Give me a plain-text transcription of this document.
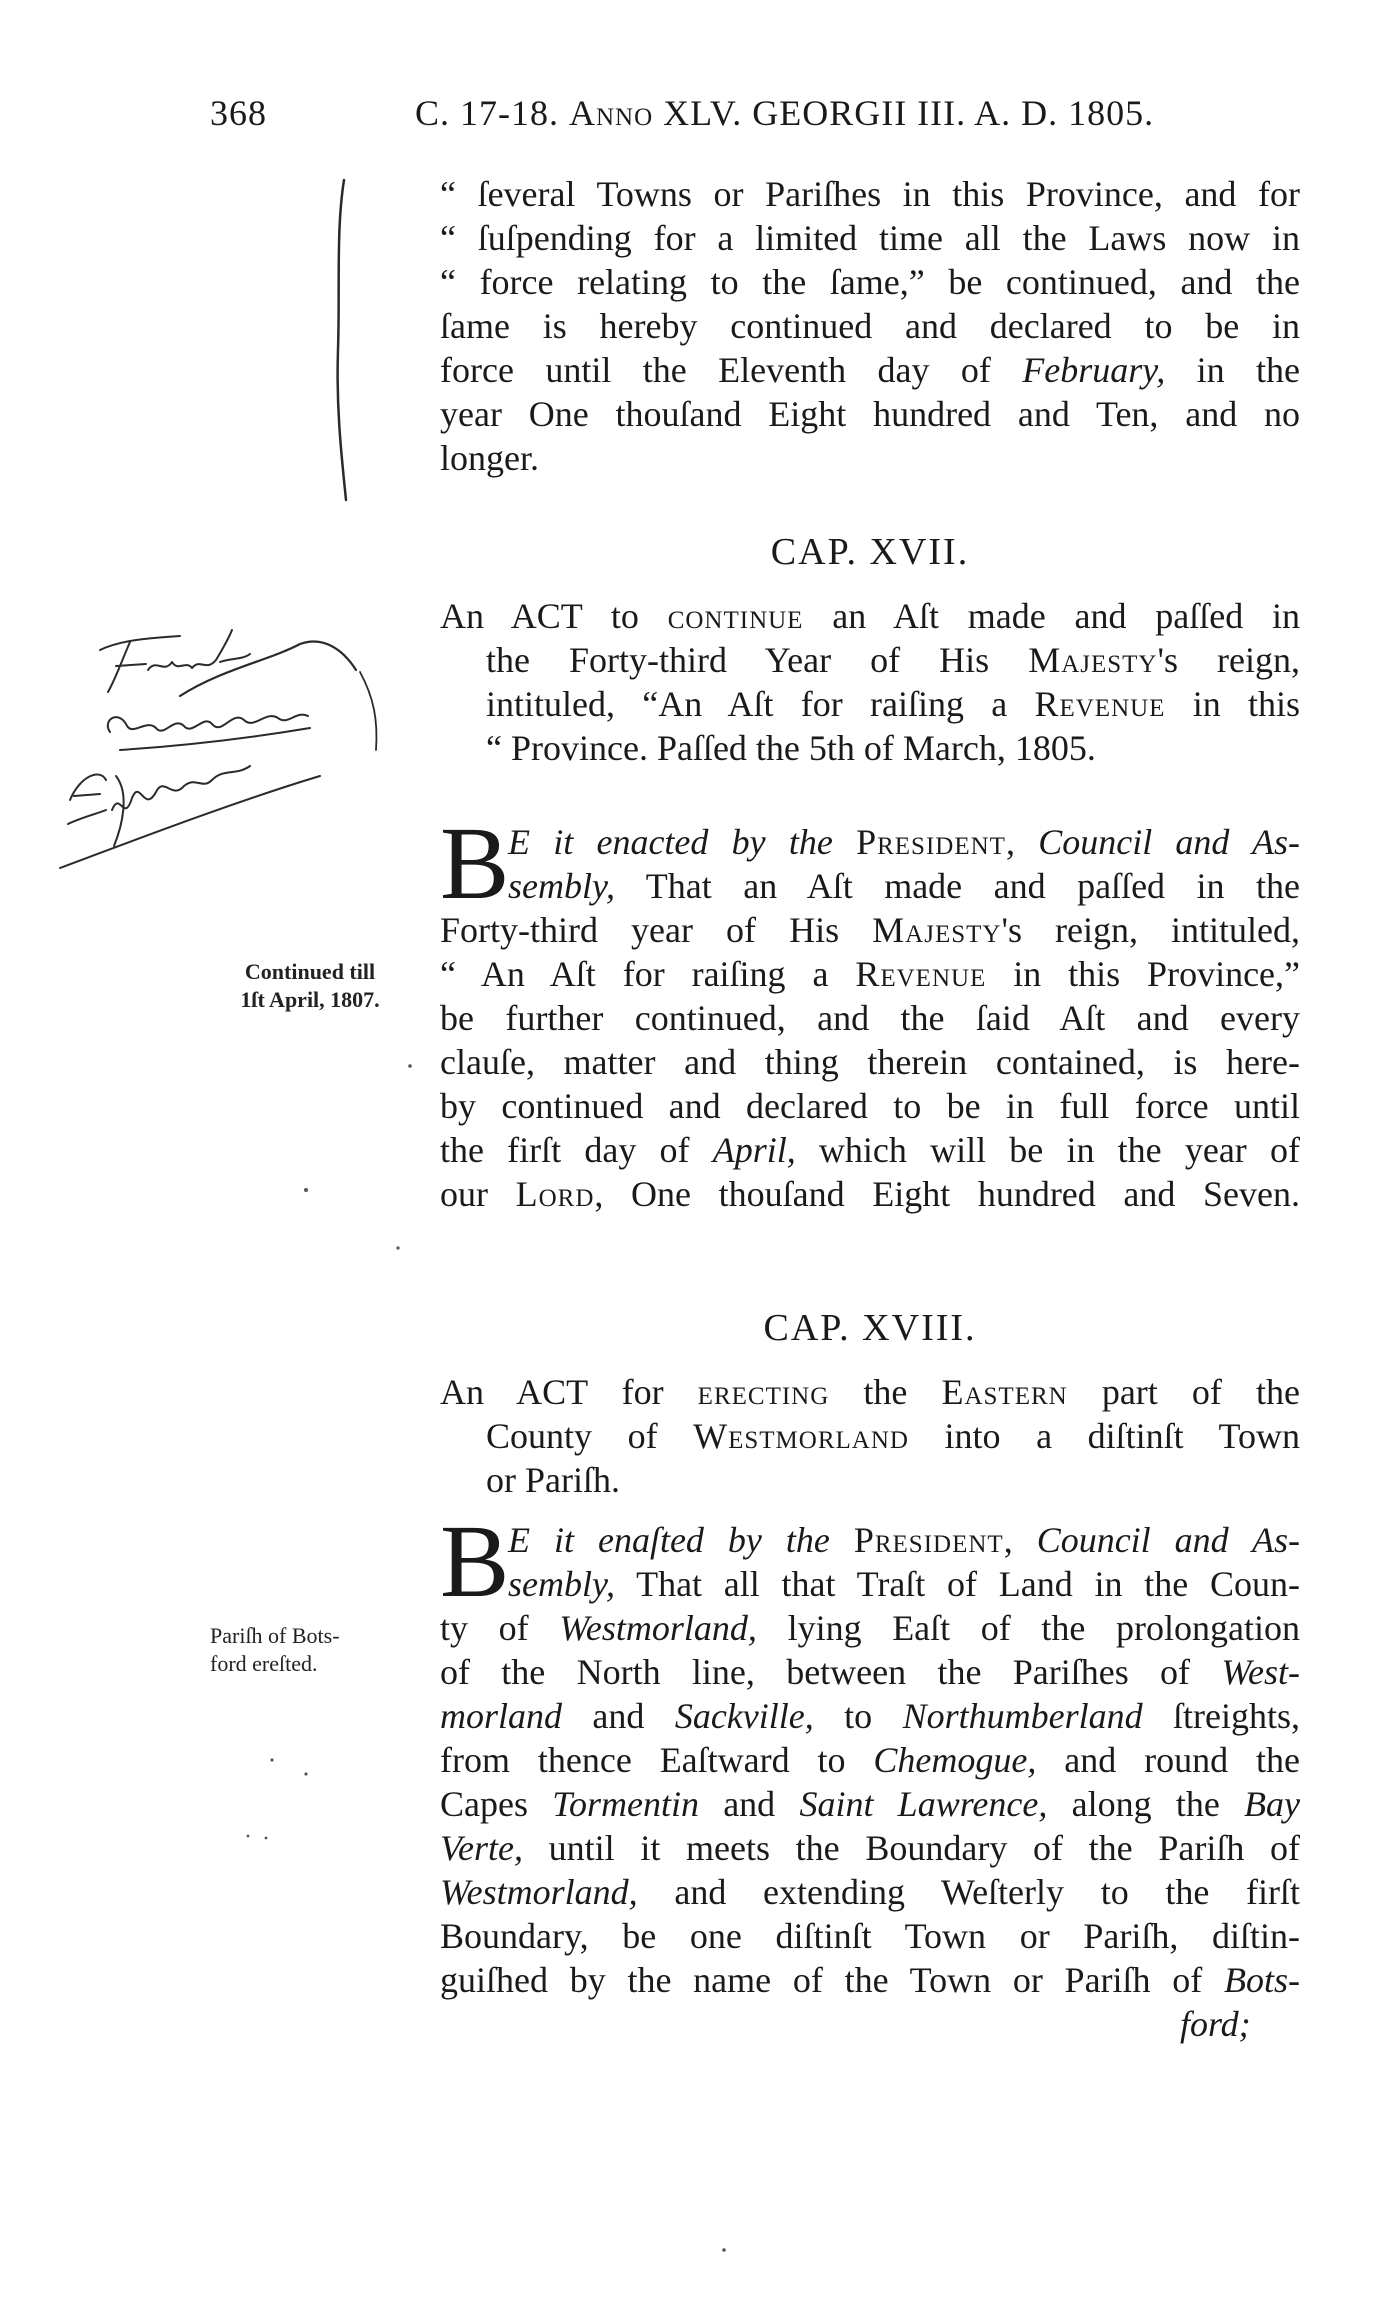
368	C. 17-18. Anno XLV. GEORGII III. A. D. 1805.
“ ſeveral Towns or Pariſhes in this Province, and for
“ ſuſpending for a limited time all the Laws now in
“ force relating to the ſame,” be continued, and the
ſame is hereby continued and declared to be in
force until the Eleventh day of February, in the
year One thouſand Eight hundred and Ten, and no
longer.
CAP. XVII.
An ACT to continue an Aſt made and paſſed in
the Forty-third Year of His Majesty's reign,
intituled, “An Aſt for raiſing a Revenue in this
“ Province. Paſſed the 5th of March, 1805.
Continued till
1ſt April, 1807.
B
E it enacted by the President, Council and As-
sembly, That an Aſt made and paſſed in the
Forty-third year of His Majesty's reign, intituled,
“ An Aſt for raiſing a Revenue in this Province,”
be further continued, and the ſaid Aſt and every
clauſe, matter and thing therein contained, is here-
by continued and declared to be in full force until
the firſt day of April, which will be in the year of
our Lord, One thouſand Eight hundred and Seven.
CAP. XVIII.
An ACT for erecting the Eastern part of the
County of Westmorland into a diſtinſt Town
or Pariſh.
Pariſh of Bots-
ford ereſted.
B
E it enaſted by the President, Council and As-
sembly, That all that Traſt of Land in the Coun-
ty of Westmorland, lying Eaſt of the prolongation
of the North line, between the Pariſhes of West-
morland and Sackville, to Northumberland ſtreights,
from thence Eaſtward to Chemogue, and round the
Capes Tormentin and Saint Lawrence, along the Bay
Verte, until it meets the Boundary of the Pariſh of
Westmorland, and extending Weſterly to the firſt
Boundary, be one diſtinſt Town or Pariſh, diſtin-
guiſhed by the name of the Town or Pariſh of Bots-
ford;
